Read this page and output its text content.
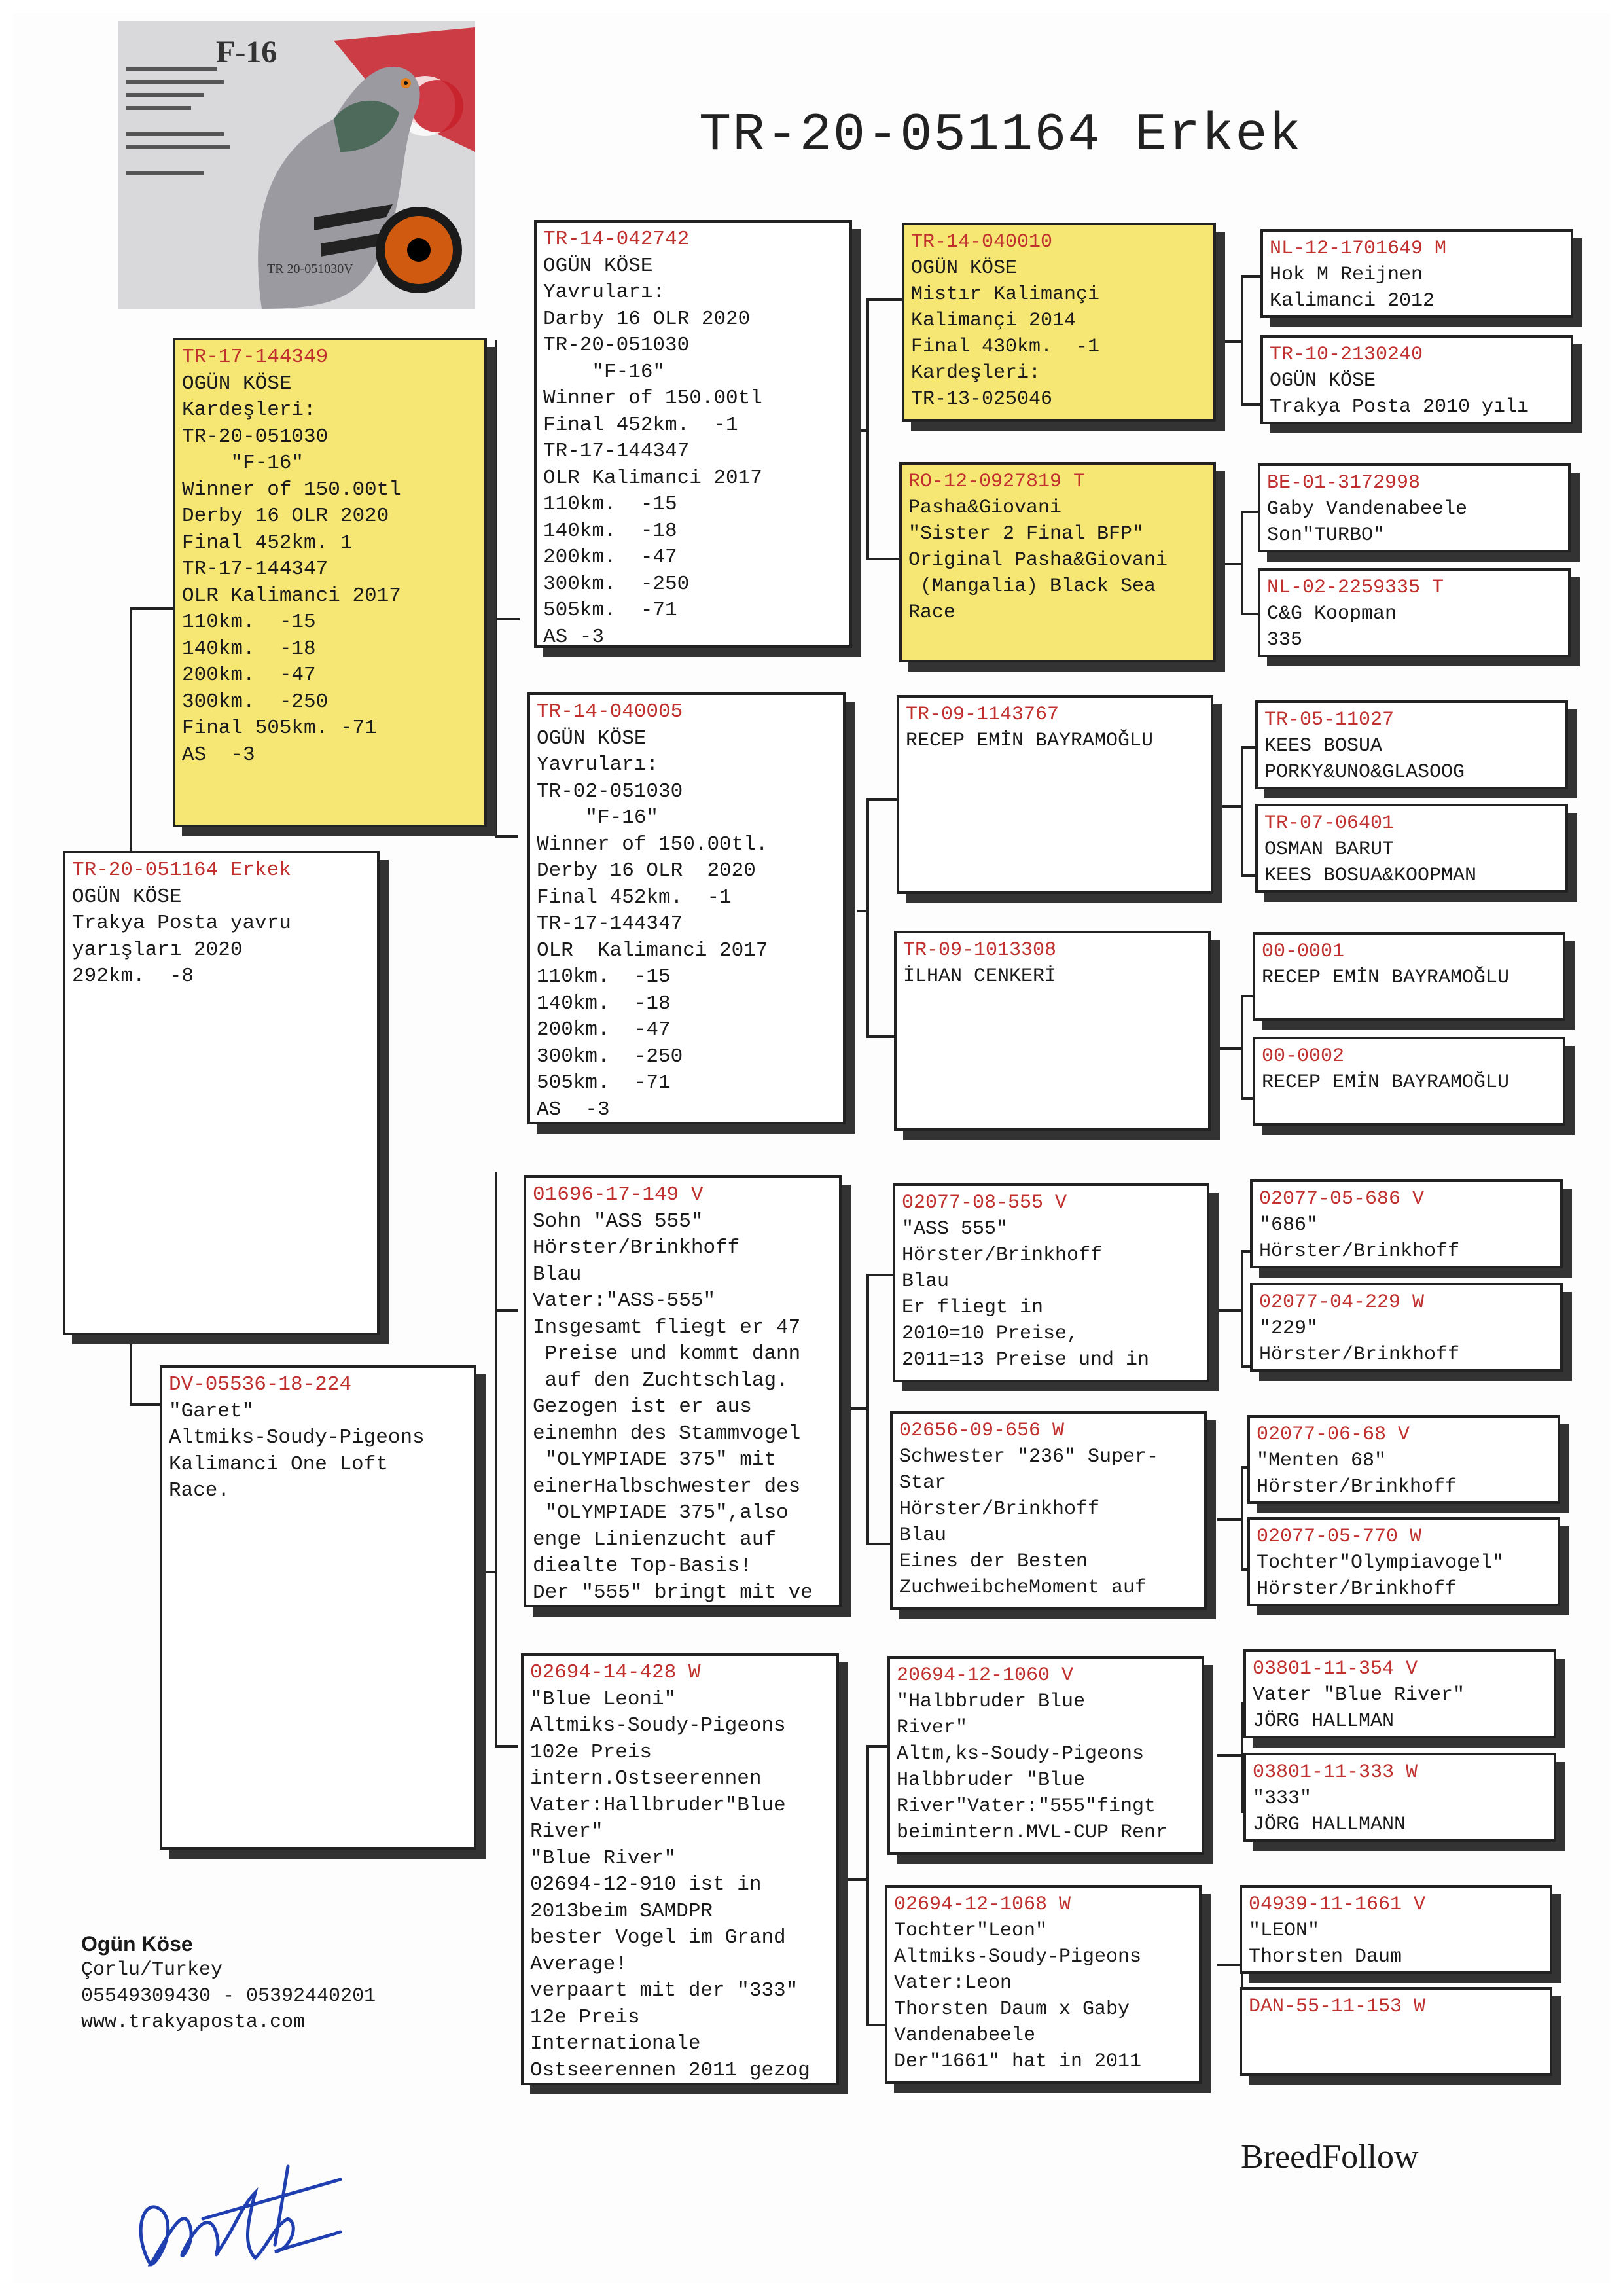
F-16
TR 20-051030V
TR-20-051164 Erkek
TR-20-051164 Erkek
OGÜN KÖSE
Trakya Posta yavru
yarışları 2020
292km.  -8
TR-17-144349
OGÜN KÖSE
Kardeşleri:
TR-20-051030
"F-16"
Winner of 150.00tl
Derby 16 OLR 2020
Final 452km. 1
TR-17-144347
OLR Kalimanci 2017
110km.  -15
140km.  -18
200km.  -47
300km.  -250
Final 505km. -71
AS  -3
DV-05536-18-224
"Garet"
Altmiks-Soudy-Pigeons
Kalimanci One Loft
Race.
TR-14-042742
OGÜN KÖSE
Yavruları:
Darby 16 OLR 2020
TR-20-051030
"F-16"
Winner of 150.00tl
Final 452km.  -1
TR-17-144347
OLR Kalimanci 2017
110km.  -15
140km.  -18
200km.  -47
300km.  -250
505km.  -71
AS -3
TR-14-040005
OGÜN KÖSE
Yavruları:
TR-02-051030
"F-16"
Winner of 150.00tl.
Derby 16 OLR  2020
Final 452km.  -1
TR-17-144347
OLR  Kalimanci 2017
110km.  -15
140km.  -18
200km.  -47
300km.  -250
505km.  -71
AS  -3
01696-17-149 V
Sohn "ASS 555"
Hörster/Brinkhoff
Blau
Vater:"ASS-555"
Insgesamt fliegt er 47
Preise und kommt dann
auf den Zuchtschlag.
Gezogen ist er aus
einemhn des Stammvogel
"OLYMPIADE 375" mit
einerHalbschwester des
"OLYMPIADE 375",also
enge Linienzucht auf
diealte Top-Basis!
Der "555" bringt mit ve
02694-14-428 W
"Blue Leoni"
Altmiks-Soudy-Pigeons
102e Preis
intern.Ostseerennen
Vater:Hallbruder"Blue
River"
"Blue River"
02694-12-910 ist in
2013beim SAMDPR
bester Vogel im Grand
Average!
verpaart mit der "333"
12e Preis
Internationale
Ostseerennen 2011 gezog
TR-14-040010
OGÜN KÖSE
Mistır Kalimançi
Kalimançi 2014
Final 430km.  -1
Kardeşleri:
TR-13-025046
RO-12-0927819 T
Pasha&Giovani
"Sister 2 Final BFP"
Original Pasha&Giovani
(Mangalia) Black Sea
Race
TR-09-1143767
RECEP EMİN BAYRAMOĞLU
TR-09-1013308
İLHAN CENKERİ
02077-08-555 V
"ASS 555"
Hörster/Brinkhoff
Blau
Er fliegt in
2010=10 Preise,
2011=13 Preise und in
02656-09-656 W
Schwester "236" Super-
Star
Hörster/Brinkhoff
Blau
Eines der Besten
ZuchweibcheMoment auf
20694-12-1060 V
"Halbbruder Blue
River"
Altm,ks-Soudy-Pigeons
Halbbruder "Blue
River"Vater:"555"fingt
beimintern.MVL-CUP Renr
02694-12-1068 W
Tochter"Leon"
Altmiks-Soudy-Pigeons
Vater:Leon
Thorsten Daum x Gaby
Vandenabeele
Der"1661" hat in 2011
NL-12-1701649 M
Hok M Reijnen
Kalimanci 2012
TR-10-2130240
OGÜN KÖSE
Trakya Posta 2010 yılı
BE-01-3172998
Gaby Vandenabeele
Son"TURBO"
NL-02-2259335 T
C&G Koopman
335
TR-05-11027
KEES BOSUA
PORKY&UNO&GLASOOG
TR-07-06401
OSMAN BARUT
KEES BOSUA&KOOPMAN
00-0001
RECEP EMİN BAYRAMOĞLU
00-0002
RECEP EMİN BAYRAMOĞLU
02077-05-686 V
"686"
Hörster/Brinkhoff
02077-04-229 W
"229"
Hörster/Brinkhoff
02077-06-68 V
"Menten 68"
Hörster/Brinkhoff
02077-05-770 W
Tochter"Olympiavogel"
Hörster/Brinkhoff
03801-11-354 V
Vater "Blue River"
JÖRG HALLMAN
03801-11-333 W
"333"
JÖRG HALLMANN
04939-11-1661 V
"LEON"
Thorsten Daum
DAN-55-11-153 W
Ogün Köse
Çorlu/Turkey
05549309430 - 05392440201
www.trakyaposta.com
BreedFollow
